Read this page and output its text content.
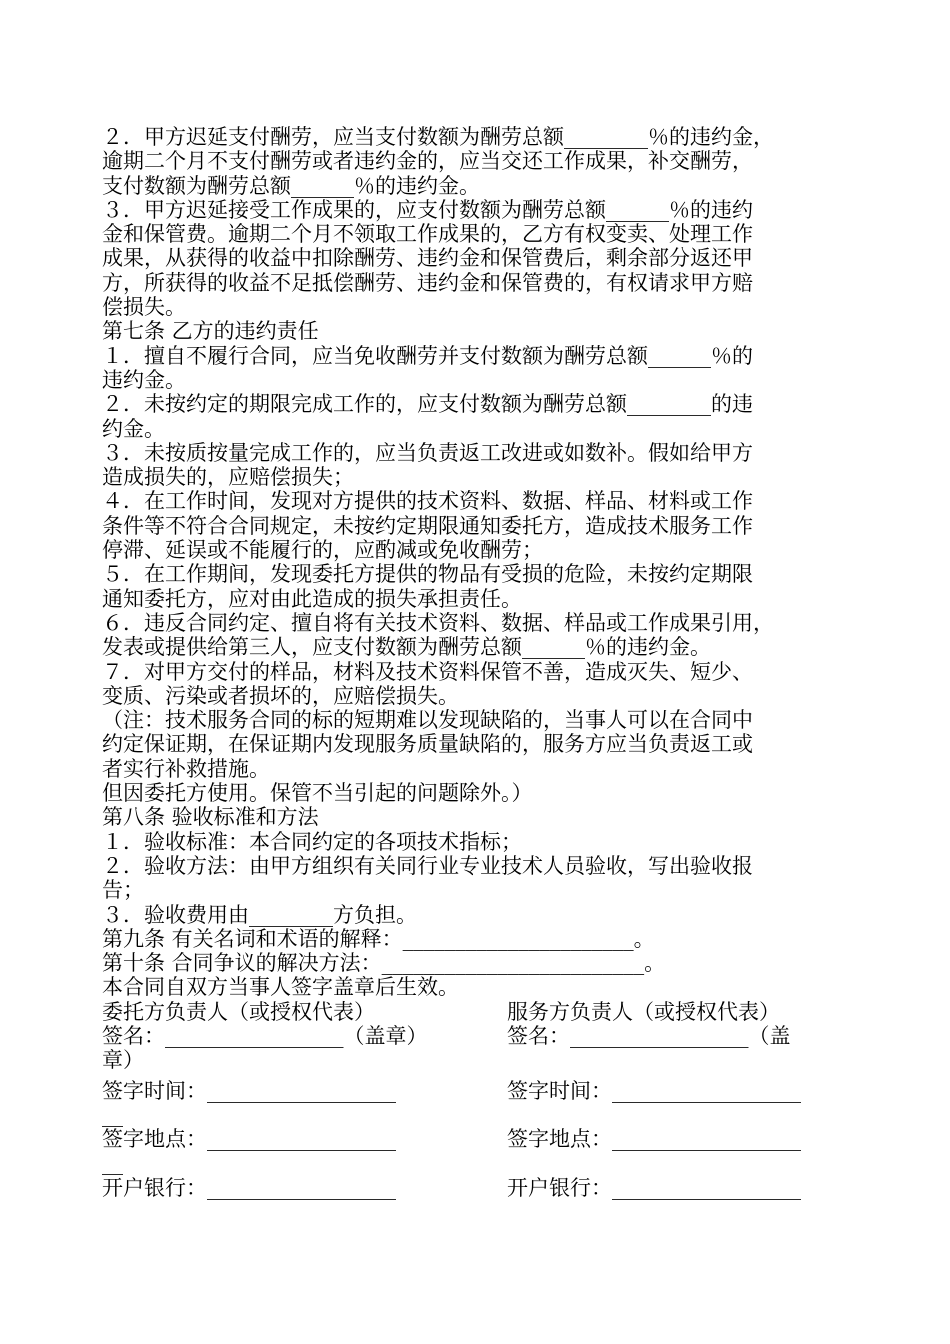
２．甲方迟延支付酬劳，应当支付数额为酬劳总额________％的违约金，

逾期二个月不支付酬劳或者违约金的，应当交还工作成果，补交酬劳，

支付数额为酬劳总额______％的违约金。

３．甲方迟延接受工作成果的，应支付数额为酬劳总额______％的违约

金和保管费。逾期二个月不领取工作成果的，乙方有权变卖、处理工作

成果，从获得的收益中扣除酬劳、违约金和保管费后，剩余部分返还甲

方，所获得的收益不足抵偿酬劳、违约金和保管费的，有权请求甲方赔

偿损失。

第七条 乙方的违约责任

１．擅自不履行合同，应当免收酬劳并支付数额为酬劳总额______％的

违约金。

２．未按约定的期限完成工作的，应支付数额为酬劳总额________的违

约金。

３．未按质按量完成工作的，应当负责返工改进或如数补。假如给甲方

造成损失的，应赔偿损失；

４．在工作时间，发现对方提供的技术资料、数据、样品、材料或工作

条件等不符合合同规定，未按约定期限通知委托方，造成技术服务工作

停滞、延误或不能履行的，应酌减或免收酬劳；

５．在工作期间，发现委托方提供的物品有受损的危险，未按约定期限

通知委托方，应对由此造成的损失承担责任。

６．违反合同约定、擅自将有关技术资料、数据、样品或工作成果引用，

发表或提供给第三人，应支付数额为酬劳总额______％的违约金。

７．对甲方交付的样品，材料及技术资料保管不善，造成灭失、短少、

变质、污染或者损坏的，应赔偿损失。

（注：技术服务合同的标的短期难以发现缺陷的，当事人可以在合同中

约定保证期，在保证期内发现服务质量缺陷的，服务方应当负责返工或

者实行补救措施。

但因委托方使用。保管不当引起的问题除外。）

第八条 验收标准和方法

１．验收标准：本合同约定的各项技术指标；

２．验收方法：由甲方组织有关同行业专业技术人员验收，写出验收报

告；

３．验收费用由________方负担。

第九条 有关名词和术语的解释：______________________。

第十条 合同争议的解决方法：_________________________。

本合同自双方当事人签字盖章后生效。

委托方负责人（或授权代表）	服务方负责人（或授权代表）
签名：_________________（盖章）	签名：_________________（盖
章）
签字时间：__________________	签字时间：__________________
__
签字地点：__________________	签字地点：__________________
__
开户银行：__________________	开户银行：__________________
